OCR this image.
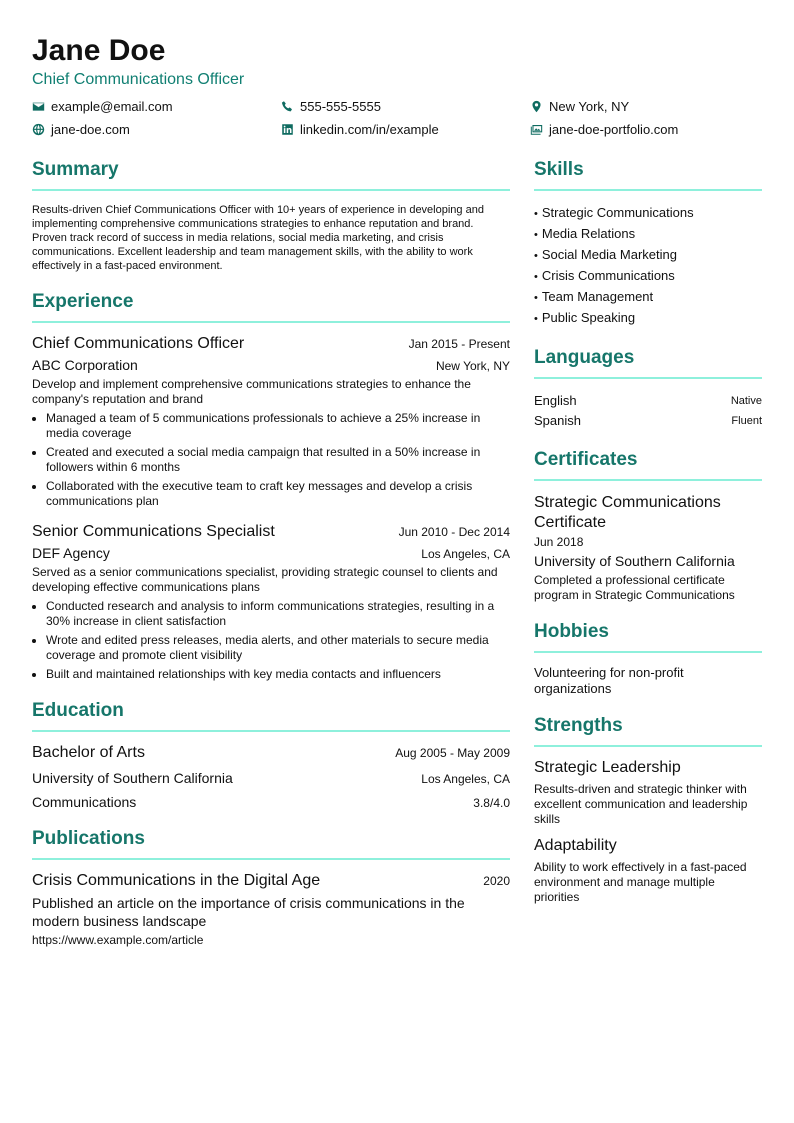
Jane Doe
Chief Communications Officer
example@email.com	555-555-5555	New York, NY
jane-doe.com	linkedin.com/in/example	jane-doe-portfolio.com
Summary
Results-driven Chief Communications Officer with 10+ years of experience in developing and implementing comprehensive communications strategies to enhance reputation and brand. Proven track record of success in media relations, social media marketing, and crisis communications. Excellent leadership and team management skills, with the ability to work effectively in a fast-paced environment.
Experience
Chief Communications Officer	Jan 2015 - Present
ABC Corporation	New York, NY
Develop and implement comprehensive communications strategies to enhance the company's reputation and brand
• Managed a team of 5 communications professionals to achieve a 25% increase in media coverage
• Created and executed a social media campaign that resulted in a 50% increase in followers within 6 months
• Collaborated with the executive team to craft key messages and develop a crisis communications plan
Senior Communications Specialist	Jun 2010 - Dec 2014
DEF Agency	Los Angeles, CA
Served as a senior communications specialist, providing strategic counsel to clients and developing effective communications plans
• Conducted research and analysis to inform communications strategies, resulting in a 30% increase in client satisfaction
• Wrote and edited press releases, media alerts, and other materials to secure media coverage and promote client visibility
• Built and maintained relationships with key media contacts and influencers
Education
Bachelor of Arts	Aug 2005 - May 2009
University of Southern California	Los Angeles, CA
Communications	3.8/4.0
Publications
Crisis Communications in the Digital Age	2020
Published an article on the importance of crisis communications in the modern business landscape
https://www.example.com/article
Skills
• Strategic Communications
• Media Relations
• Social Media Marketing
• Crisis Communications
• Team Management
• Public Speaking
Languages
English	Native
Spanish	Fluent
Certificates
Strategic Communications Certificate
Jun 2018
University of Southern California
Completed a professional certificate program in Strategic Communications
Hobbies
Volunteering for non-profit organizations
Strengths
Strategic Leadership
Results-driven and strategic thinker with excellent communication and leadership skills
Adaptability
Ability to work effectively in a fast-paced environment and manage multiple priorities
